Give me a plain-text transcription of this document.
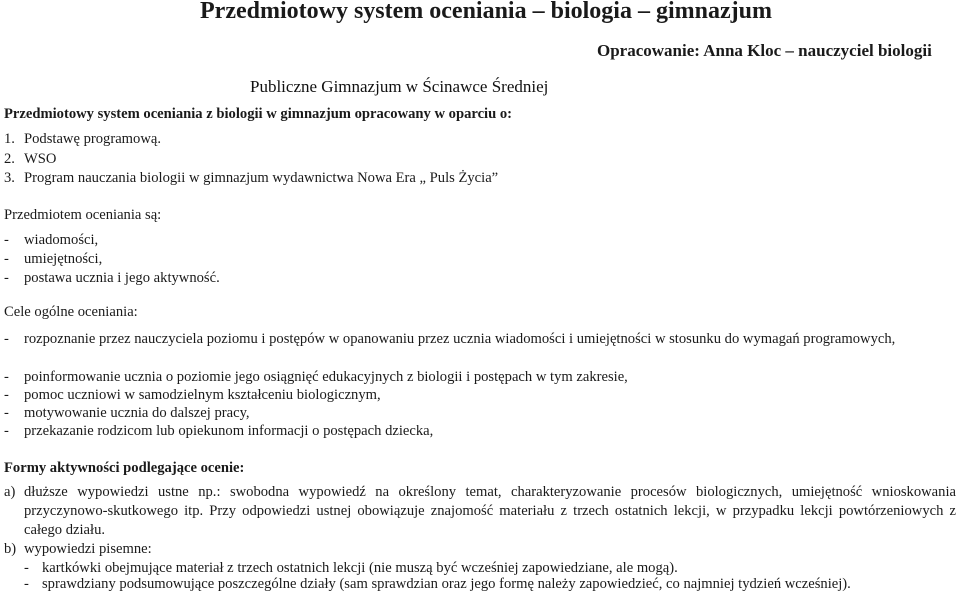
Przedmiotowy system oceniania – biologia – gimnazjum
Opracowanie: Anna Kloc – nauczyciel biologii
Publiczne Gimnazjum w Ścinawce Średniej
Przedmiotowy system oceniania z biologii w gimnazjum opracowany w oparciu o:
1. Podstawę programową.
2. WSO
3. Program nauczania biologii w gimnazjum wydawnictwa Nowa Era „ Puls Życia”
Przedmiotem oceniania są:
- wiadomości,
- umiejętności,
- postawa ucznia i jego aktywność.
Cele ogólne oceniania:
- rozpoznanie przez nauczyciela poziomu i postępów w opanowaniu przez ucznia wiadomości i umiejętności w stosunku do wymagań programowych,
- poinformowanie ucznia o poziomie jego osiągnięć edukacyjnych z biologii i postępach w tym zakresie,
- pomoc uczniowi w samodzielnym kształceniu biologicznym,
- motywowanie ucznia do dalszej pracy,
- przekazanie rodzicom lub opiekunom informacji o postępach dziecka,
Formy aktywności podlegające ocenie:
a) dłuższe wypowiedzi ustne np.: swobodna wypowiedź na określony temat, charakteryzowanie procesów biologicznych, umiejętność wnioskowania przyczynowo-skutkowego itp. Przy odpowiedzi ustnej obowiązuje znajomość materiału z trzech ostatnich lekcji, w przypadku lekcji powtórzeniowych z całego działu.
b) wypowiedzi pisemne:
- kartkówki obejmujące materiał z trzech ostatnich lekcji (nie muszą być wcześniej zapowiedziane, ale mogą).
- sprawdziany podsumowujące poszczególne działy (sam sprawdzian oraz jego formę należy zapowiedzieć, co najmniej tydzień wcześniej).
